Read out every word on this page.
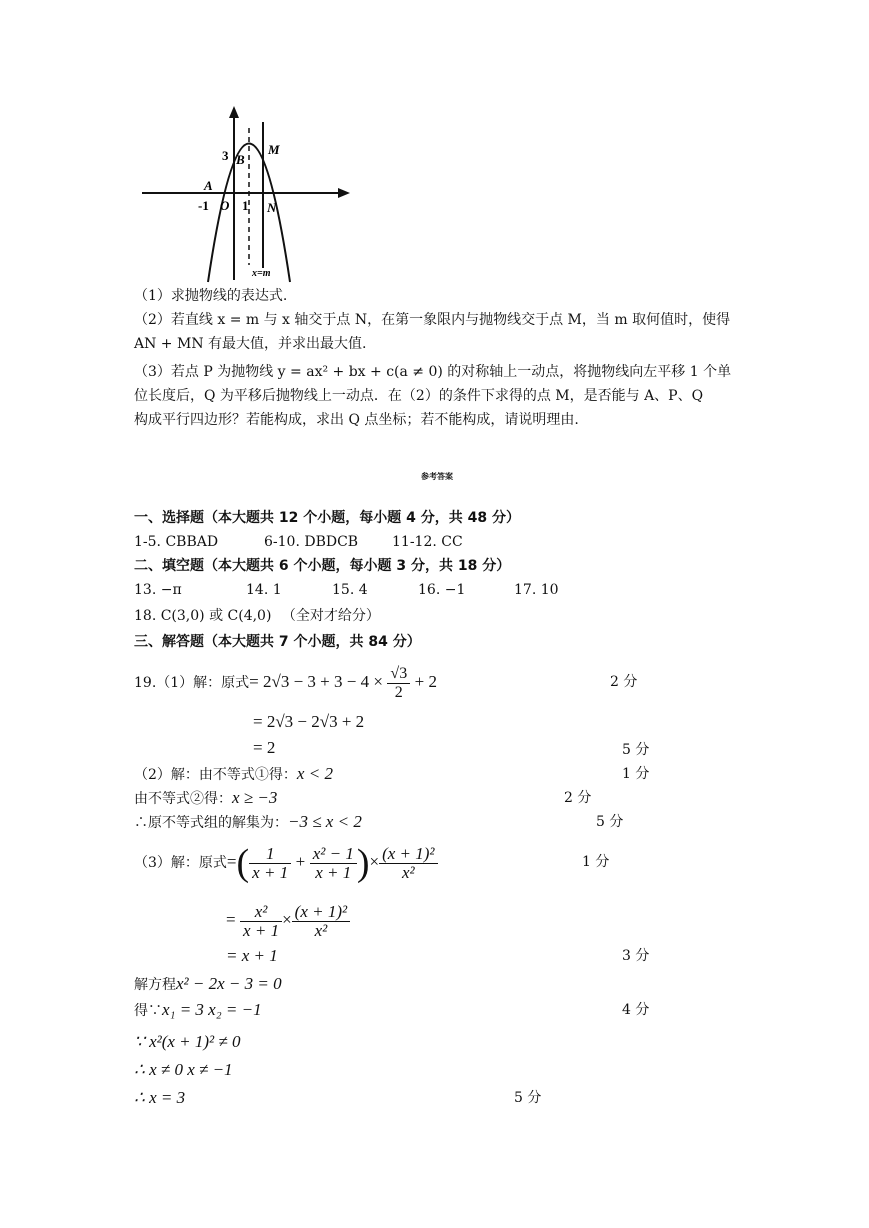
3 B
M
A
-1 O 1 N
x=m
（1）求抛物线的表达式.
（2）若直线 x = m 与 x 轴交于点 N，在第一象限内与抛物线交于点 M，当 m 取何值时，使得
AN + MN 有最大值，并求出最大值.
（3）若点 P 为抛物线 y = ax² + bx + c(a ≠ 0) 的对称轴上一动点，将抛物线向左平移 1 个单
位长度后，Q 为平移后抛物线上一动点．在（2）的条件下求得的点 M，是否能与 A、P、Q
构成平行四边形？若能构成，求出 Q 点坐标；若不能构成，请说明理由.
参考答案
一、选择题（本大题共 12 个小题，每小题 4 分，共 48 分）
1-5. CBBAD	6-10. DBDCB 11-12. CC
二、填空题（本大题共 6 个小题，每小题 3 分，共 18 分）
13. −π	14. 1	15. 4	16. −1	17. 10
18. C(3,0) 或 C(4,0) （全对才给分）
三、解答题（本大题共 7 个小题，共 84 分）
19.（1）解：原式= $2√3 - 3 + 3 - 4 \times \frac{√3}{2} + 2$	2 分
= 2√3 − 2√3 + 2
= 2	5 分
（2）解：由不等式①得：x < 2	1 分
由不等式②得：x ≥ −3	2 分
∴原不等式组的解集为：−3 ≤ x < 2	5 分
（3）解：原式=( $\frac{1}{x + 1} + \frac{\text{x² − 1}}{x + 1}$ )× $\frac{\text{(x + 1)²}}{\text{x²}}$	1 分
= $\frac{\text{x²}}{x + 1} \times \frac{\text{(x + 1)²}}{\text{x²}}$
= x + 1	3 分
解方程x² − 2x − 3 = 0
得∵x₁ = 3 x₂ = −1	4 分
∵ x²(x + 1)² ≠ 0
∴ x ≠ 0 x ≠ −1
∴ x = 3	5 分
